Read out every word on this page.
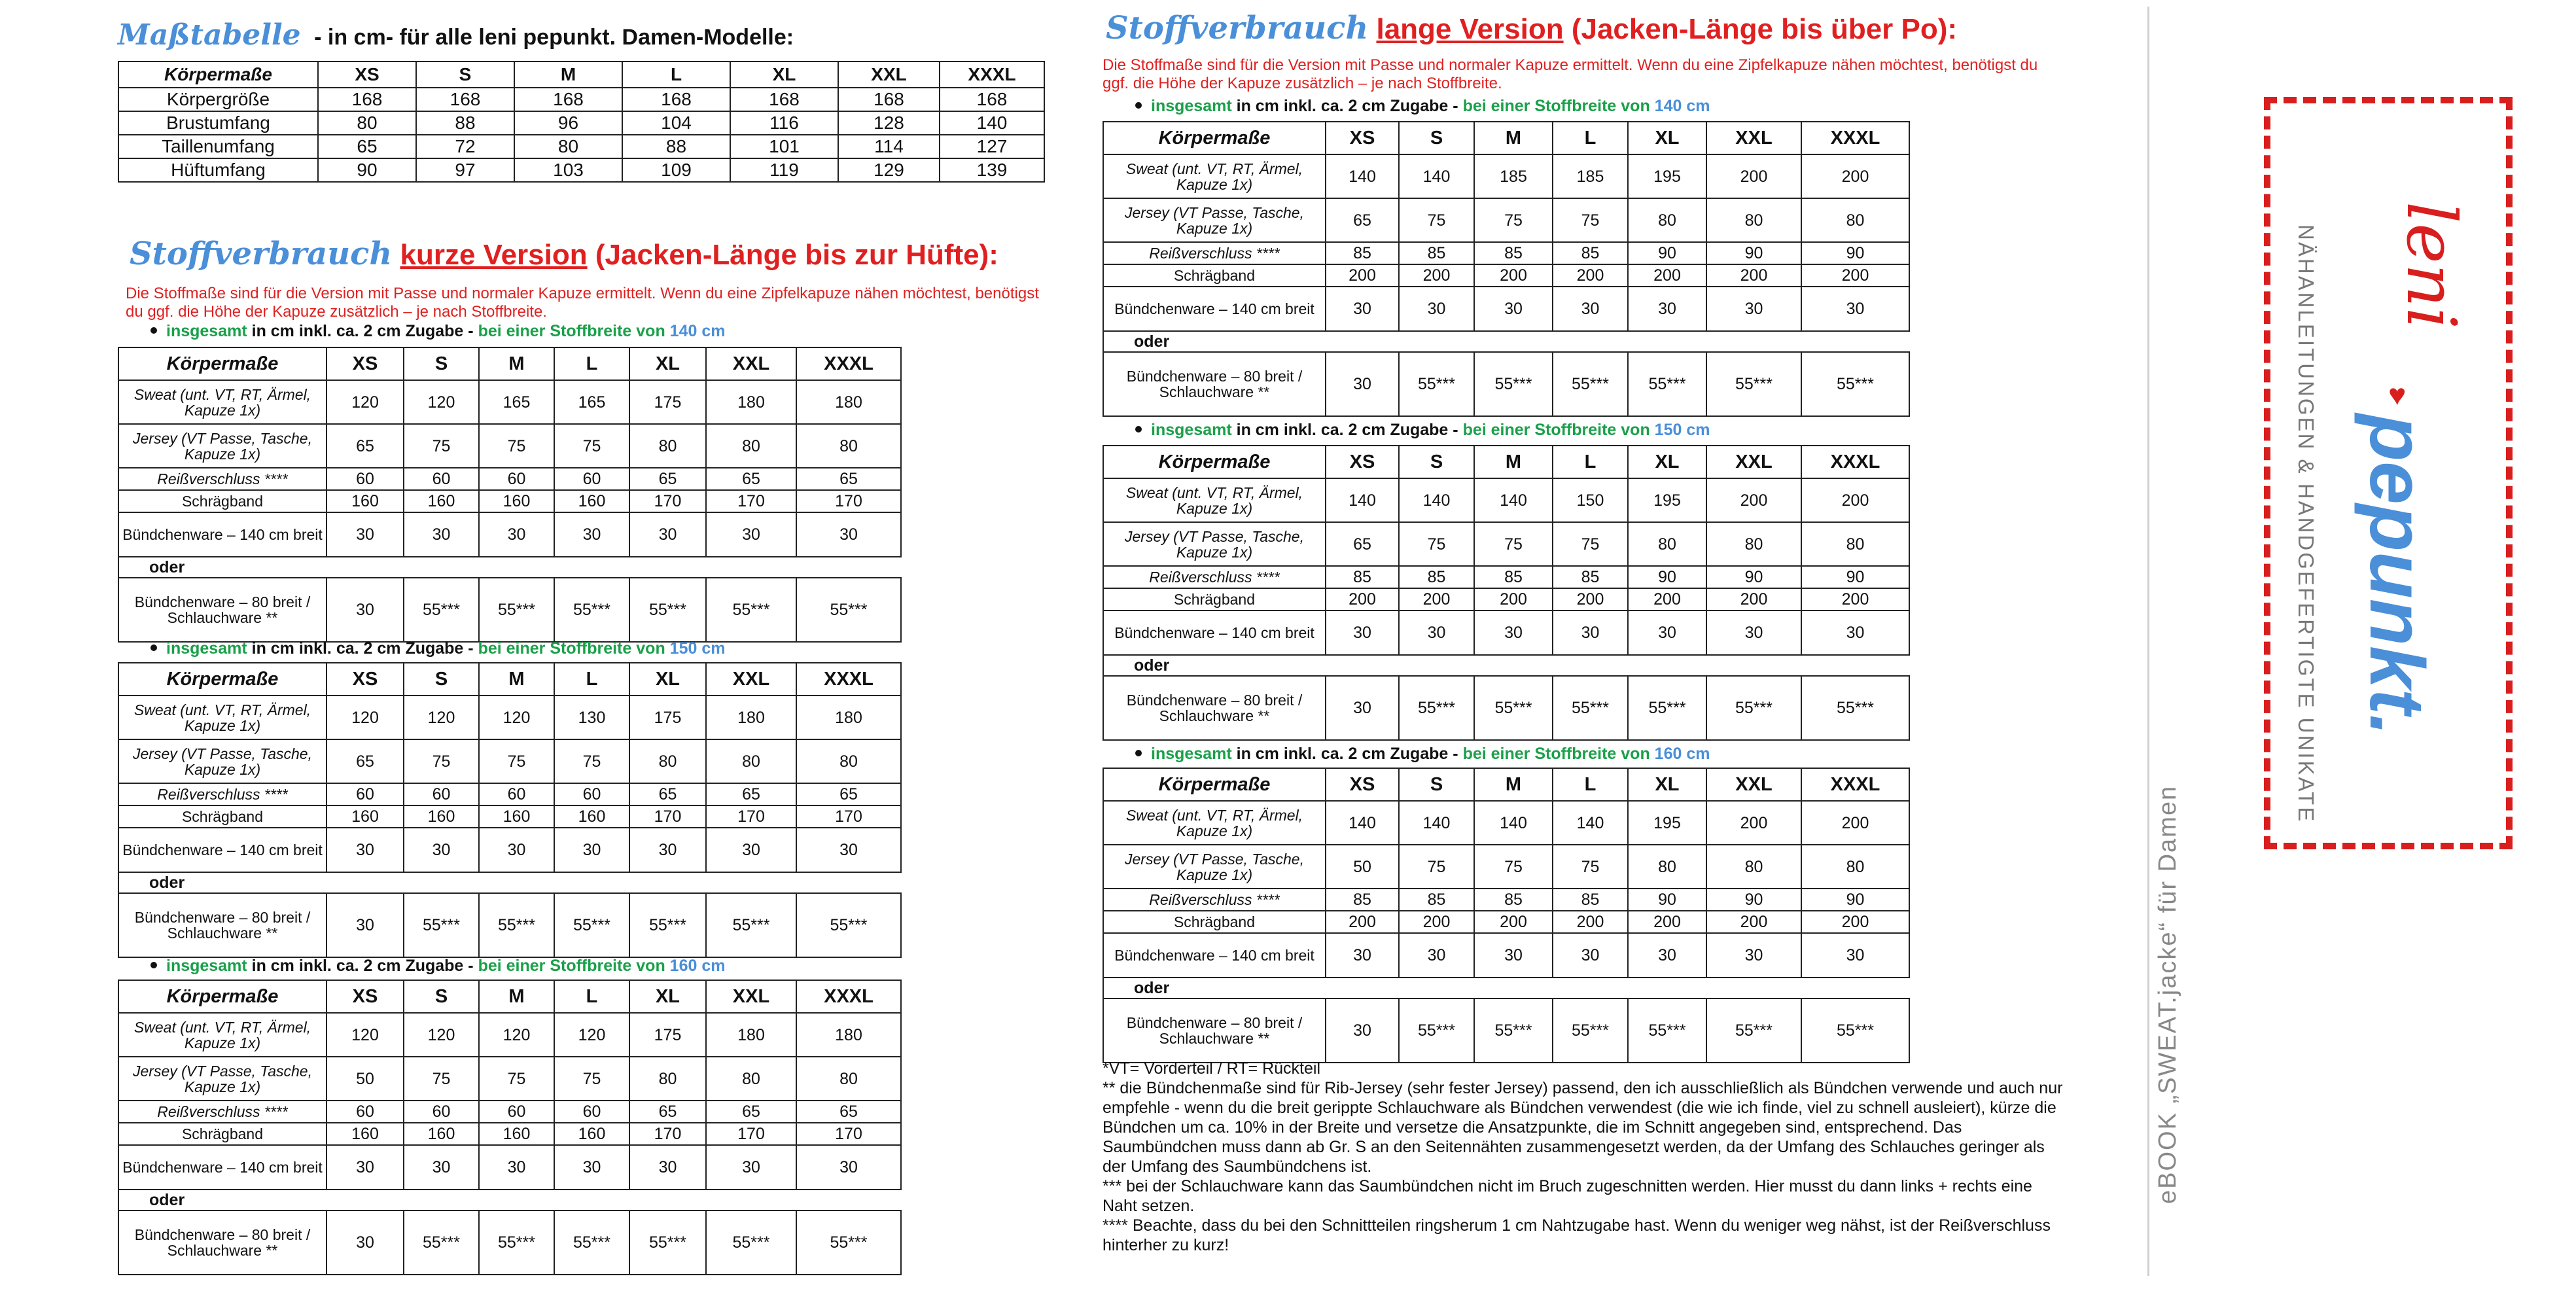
Maßtabelle - in cm- für alle leni pepunkt. Damen-Modelle:
Körpermaße	XS	S	M	L	XL	XXL	XXXL
Körpergröße	168	168	168	168	168	168	168
Brustumfang	80	88	96	104	116	128	140
Taillenumfang	65	72	80	88	101	114	127
Hüftumfang	90	97	103	109	119	129	139
Stoffverbrauch kurze Version (Jacken-Länge bis zur Hüfte):
Die Stoffmaße sind für die Version mit Passe und normaler Kapuze ermittelt. Wenn du eine Zipfelkapuze nähen möchtest, benötigst du ggf. die Höhe der Kapuze zusätzlich – je nach Stoffbreite.
insgesamt in cm inkl. ca. 2 cm Zugabe - bei einer Stoffbreite von 140 cm
Körpermaße	XS	S	M	L	XL	XXL	XXXL
Sweat (unt. VT, RT, Ärmel, Kapuze 1x)	120	120	165	165	175	180	180
Jersey (VT Passe, Tasche, Kapuze 1x)	65	75	75	75	80	80	80
Reißverschluss ****	60	60	60	60	65	65	65
Schrägband	160	160	160	160	170	170	170
Bündchenware – 140 cm breit	30	30	30	30	30	30	30
oder							
Bündchenware – 80 breit / Schlauchware **	30	55***	55***	55***	55***	55***	55***
insgesamt in cm inkl. ca. 2 cm Zugabe - bei einer Stoffbreite von 150 cm
Körpermaße	XS	S	M	L	XL	XXL	XXXL
Sweat (unt. VT, RT, Ärmel, Kapuze 1x)	120	120	120	130	175	180	180
Jersey (VT Passe, Tasche, Kapuze 1x)	65	75	75	75	80	80	80
Reißverschluss ****	60	60	60	60	65	65	65
Schrägband	160	160	160	160	170	170	170
Bündchenware – 140 cm breit	30	30	30	30	30	30	30
oder							
Bündchenware – 80 breit / Schlauchware **	30	55***	55***	55***	55***	55***	55***
insgesamt in cm inkl. ca. 2 cm Zugabe - bei einer Stoffbreite von 160 cm
Körpermaße	XS	S	M	L	XL	XXL	XXXL
Sweat (unt. VT, RT, Ärmel, Kapuze 1x)	120	120	120	120	175	180	180
Jersey (VT Passe, Tasche, Kapuze 1x)	50	75	75	75	80	80	80
Reißverschluss ****	60	60	60	60	65	65	65
Schrägband	160	160	160	160	170	170	170
Bündchenware – 140 cm breit	30	30	30	30	30	30	30
oder							
Bündchenware – 80 breit / Schlauchware **	30	55***	55***	55***	55***	55***	55***
Stoffverbrauch lange Version (Jacken-Länge bis über Po):
Die Stoffmaße sind für die Version mit Passe und normaler Kapuze ermittelt. Wenn du eine Zipfelkapuze nähen möchtest, benötigst du ggf. die Höhe der Kapuze zusätzlich – je nach Stoffbreite.
insgesamt in cm inkl. ca. 2 cm Zugabe - bei einer Stoffbreite von 140 cm
Körpermaße	XS	S	M	L	XL	XXL	XXXL
Sweat (unt. VT, RT, Ärmel, Kapuze 1x)	140	140	185	185	195	200	200
Jersey (VT Passe, Tasche, Kapuze 1x)	65	75	75	75	80	80	80
Reißverschluss ****	85	85	85	85	90	90	90
Schrägband	200	200	200	200	200	200	200
Bündchenware – 140 cm breit	30	30	30	30	30	30	30
oder							
Bündchenware – 80 breit / Schlauchware **	30	55***	55***	55***	55***	55***	55***
insgesamt in cm inkl. ca. 2 cm Zugabe - bei einer Stoffbreite von 150 cm
Körpermaße	XS	S	M	L	XL	XXL	XXXL
Sweat (unt. VT, RT, Ärmel, Kapuze 1x)	140	140	140	150	195	200	200
Jersey (VT Passe, Tasche, Kapuze 1x)	65	75	75	75	80	80	80
Reißverschluss ****	85	85	85	85	90	90	90
Schrägband	200	200	200	200	200	200	200
Bündchenware – 140 cm breit	30	30	30	30	30	30	30
oder							
Bündchenware – 80 breit / Schlauchware **	30	55***	55***	55***	55***	55***	55***
insgesamt in cm inkl. ca. 2 cm Zugabe - bei einer Stoffbreite von 160 cm
Körpermaße	XS	S	M	L	XL	XXL	XXXL
Sweat (unt. VT, RT, Ärmel, Kapuze 1x)	140	140	140	140	195	200	200
Jersey (VT Passe, Tasche, Kapuze 1x)	50	75	75	75	80	80	80
Reißverschluss ****	85	85	85	85	90	90	90
Schrägband	200	200	200	200	200	200	200
Bündchenware – 140 cm breit	30	30	30	30	30	30	30
oder							
Bündchenware – 80 breit / Schlauchware **	30	55***	55***	55***	55***	55***	55***
*VT= Vorderteil / RT= Rückteil
** die Bündchenmaße sind für Rib-Jersey (sehr fester Jersey) passend, den ich ausschließlich als Bündchen verwende und auch nur empfehle - wenn du die breit gerippte Schlauchware als Bündchen verwendest (die wie ich finde, viel zu schnell ausleiert), kürze die Bündchen um ca. 10% in der Breite und versetze die Ansatzpunkte, die im Schnitt angegeben sind, entsprechend. Das Saumbündchen muss dann ab Gr. S an den Seitennähten zusammengesetzt werden, da der Umfang des Schlauches geringer als der Umfang des Saumbündchens ist.
*** bei der Schlauchware kann das Saumbündchen nicht im Bruch zugeschnitten werden. Hier musst du dann links + rechts eine Naht setzen.
**** Beachte, dass du bei den Schnittteilen ringsherum 1 cm Nahtzugabe hast. Wenn du weniger weg nähst, ist der Reißverschluss hinterher zu kurz!
eBOOK „SWEAT.jacke“ für Damen
leni
♥
pepunkt.
NÄHANLEITUNGEN & HANDGEFERTIGTE UNIKATE
